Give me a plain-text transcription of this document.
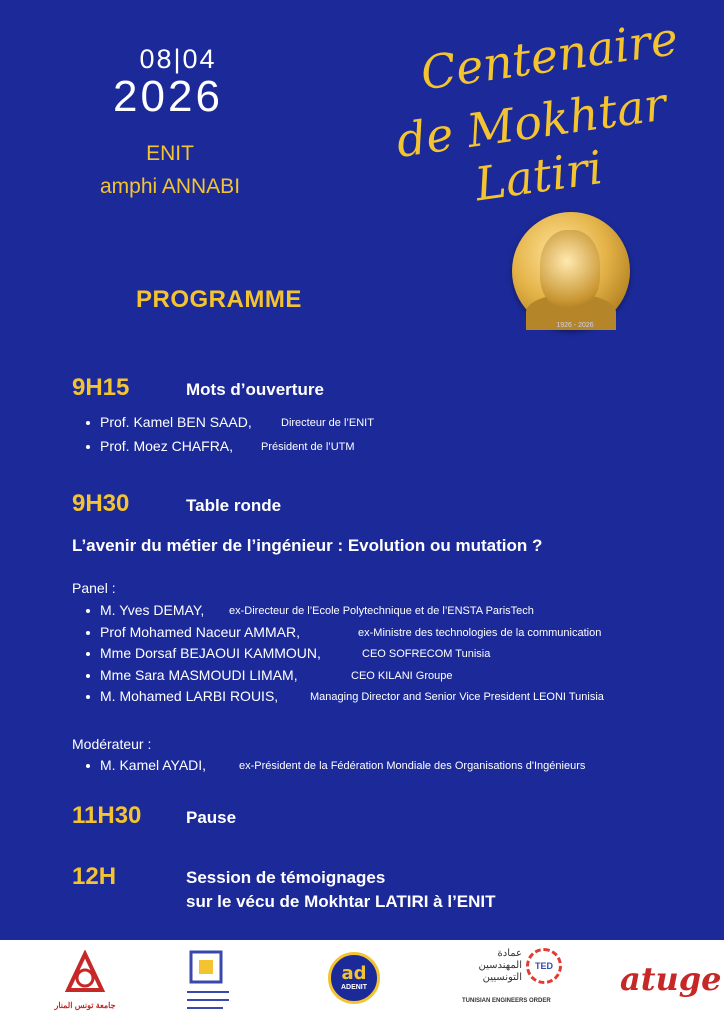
08|04
2026
ENIT
amphi ANNABI
Centenaire
de Mokhtar Latiri
1926 - 2026
PROGRAMME
9H15	Mots d’ouverture
Prof. Kamel BEN SAAD,	Directeur de l’ENIT
Prof. Moez CHAFRA,	Président de l’UTM
9H30	Table ronde
L’avenir du métier de l’ingénieur : Evolution ou mutation ?
Panel :
M. Yves DEMAY, ex-Directeur de l’Ecole Polytechnique et de l’ENSTA ParisTech
Prof Mohamed Naceur AMMAR,	ex-Ministre des technologies de la communication
Mme Dorsaf BEJAOUI KAMMOUN,	CEO SOFRECOM Tunisia
Mme Sara MASMOUDI LIMAM,	CEO KILANI Groupe
M. Mohamed LARBI ROUIS,	Managing Director and Senior Vice President LEONI Tunisia
Modérateur :
M. Kamel AYADI,	ex-Président de la Fédération Mondiale des Organisations d'Ingénieurs
11H30	Pause
12H	Session de témoignages
sur le vécu de Mokhtar LATIRI à l’ENIT
جامعة تونس المنار
ad
ADENIT
عمادة
المهندسين
التونسيين
TED
TUNISIAN ENGINEERS ORDER
atuge
